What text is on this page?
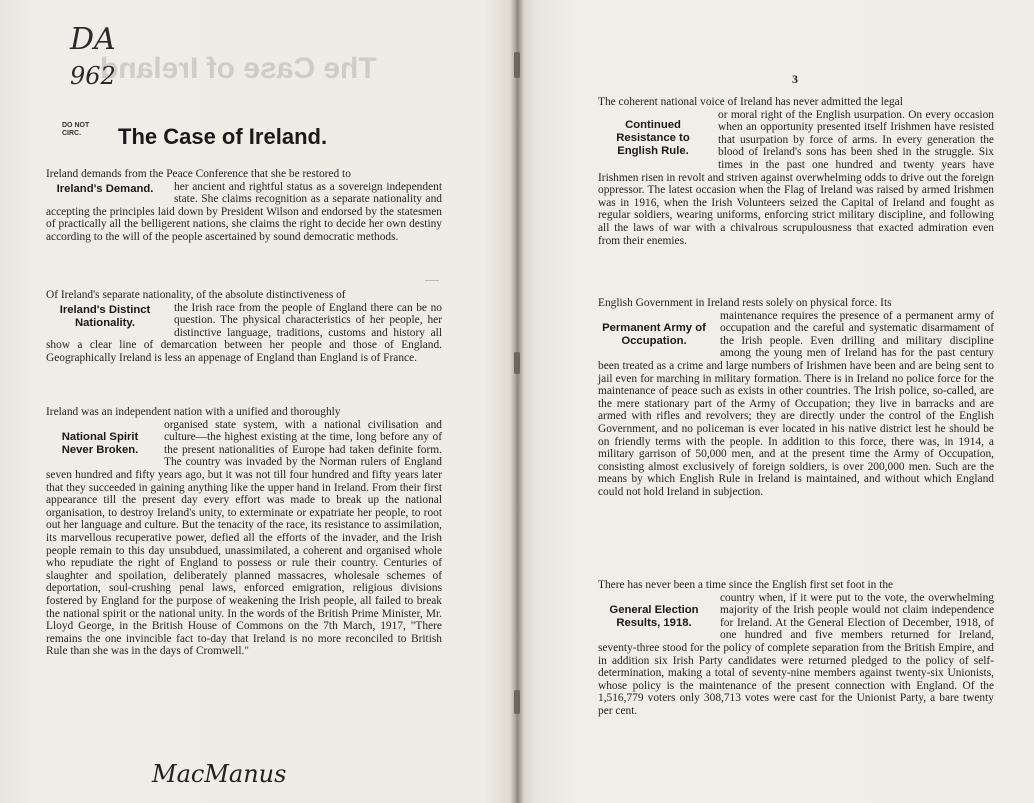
The Case of Ireland
DA
962
DO NOT CIRC.	The Case of Ireland.
Ireland demands from the Peace Conference that she be restored to
Ireland's Demand.	her ancient and rightful status as a sovereign independent state. She claims recognition as a separate nationality and accepting the principles laid down by President Wilson and endorsed by the statesmen of practically all the belligerent nations, she claims the right to decide her own destiny according to the will of the people ascertained by sound democratic methods.
Of Ireland's separate nationality, of the absolute distinctiveness of
Ireland's Distinct Nationality.
the Irish race from the people of England there can be no question. The physical characteristics of her people, her distinctive language, traditions, customs and history all show a clear line of demarcation between her people and those of England. Geographically Ireland is less an appenage of England than England is of France.
Ireland was an independent nation with a unified and thoroughly
National Spirit Never Broken.
organised state system, with a national civilisation and culture—the highest existing at the time, long before any of the present nationalities of Europe had taken definite form. The country was invaded by the Norman rulers of England seven hundred and fifty years ago, but it was not till four hundred and fifty years later that they succeeded in gaining anything like the upper hand in Ireland. From their first appearance till the present day every effort was made to break up the national organisation, to destroy Ireland's unity, to exterminate or expatriate her people, to root out her language and culture. But the tenacity of the race, its resistance to assimilation, its marvellous recuperative power, defied all the efforts of the invader, and the Irish people remain to this day unsubdued, unassimilated, a coherent and organised whole who repudiate the right of England to possess or rule their country. Centuries of slaughter and spoilation, deliberately planned massacres, wholesale schemes of deportation, soul-crushing penal laws, enforced emigration, religious divisions fostered by England for the purpose of weakening the Irish people, all failed to break the national spirit or the national unity. In the words of the British Prime Minister, Mr. Lloyd George, in the British House of Commons on the 7th March, 1917, "There remains the one invincible fact to-day that Ireland is no more reconciled to British Rule than she was in the days of Cromwell."
MacManus
3
The coherent national voice of Ireland has never admitted the legal
Continued Resistance to English Rule.
or moral right of the English usurpation. On every occasion when an opportunity presented itself Irishmen have resisted that usurpation by force of arms. In every generation the blood of Ireland's sons has been shed in the struggle. Six times in the past one hundred and twenty years have Irishmen risen in revolt and striven against overwhelming odds to drive out the foreign oppressor. The latest occasion when the Flag of Ireland was raised by armed Irishmen was in 1916, when the Irish Volunteers seized the Capital of Ireland and fought as regular soldiers, wearing uniforms, enforcing strict military discipline, and following all the laws of war with a chivalrous scrupulousness that exacted admiration even from their enemies.
English Government in Ireland rests solely on physical force. Its
Permanent Army of Occupation.
maintenance requires the presence of a permanent army of occupation and the careful and systematic disarmament of the Irish people. Even drilling and military discipline among the young men of Ireland has for the past century been treated as a crime and large numbers of Irishmen have been and are being sent to jail even for marching in military formation. There is in Ireland no police force for the maintenance of peace such as exists in other countries. The Irish police, so-called, are the mere stationary part of the Army of Occupation; they live in barracks and are armed with rifles and revolvers; they are directly under the control of the English Government, and no policeman is ever located in his native district lest he should be on friendly terms with the people. In addition to this force, there was, in 1914, a military garrison of 50,000 men, and at the present time the Army of Occupation, consisting almost exclusively of foreign soldiers, is over 200,000 men. Such are the means by which English Rule in Ireland is maintained, and without which England could not hold Ireland in subjection.
There has never been a time since the English first set foot in the
General Election Results, 1918.
country when, if it were put to the vote, the overwhelming majority of the Irish people would not claim independence for Ireland. At the General Election of December, 1918, of one hundred and five members returned for Ireland, seventy-three stood for the policy of complete separation from the British Empire, and in addition six Irish Party candidates were returned pledged to the policy of self-determination, making a total of seventy-nine members against twenty-six Unionists, whose policy is the maintenance of the present connection with England. Of the 1,516,779 voters only 308,713 votes were cast for the Unionist Party, a bare twenty per cent.
